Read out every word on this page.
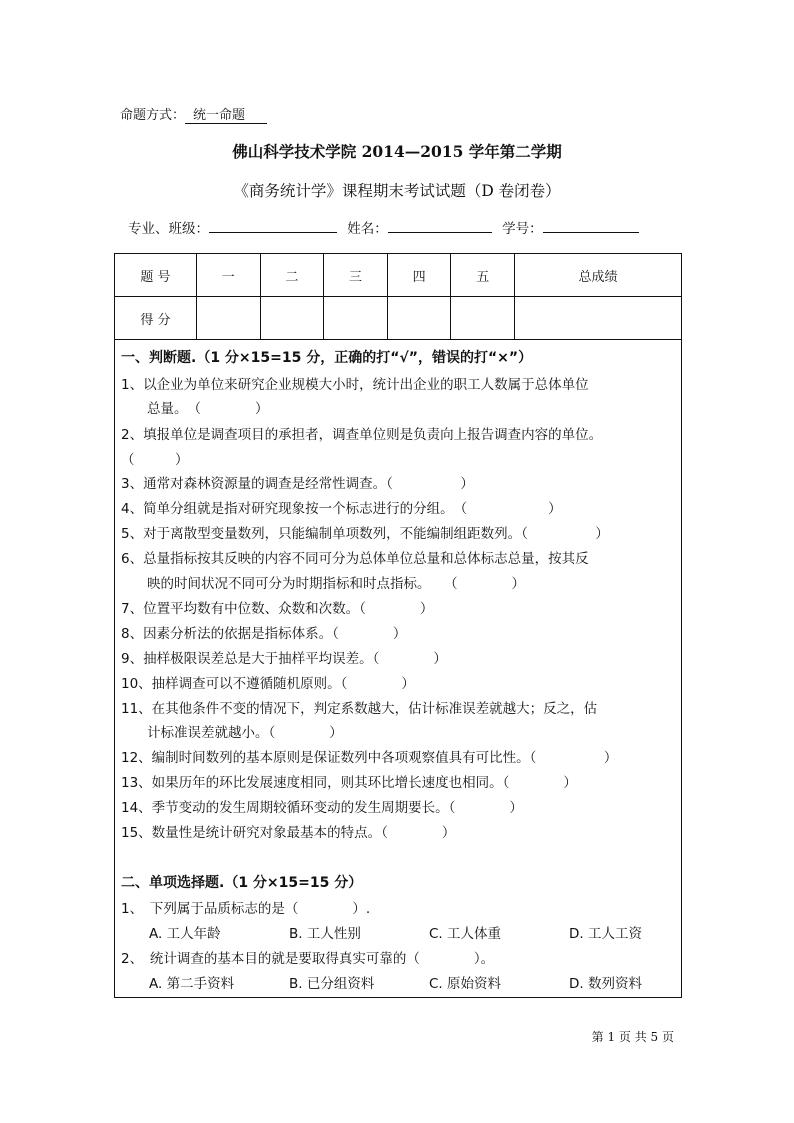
命题方式： 统一命题
佛山科学技术学院 2014—2015 学年第二学期
《商务统计学》课程期末考试试题（D 卷闭卷）
专业、班级：	姓名：	学号：
题 号	一	二	三	四	五	总成绩
得 分						
一、判断题.（1 分×15=15 分，正确的打“√”，错误的打“×”）
1、以企业为单位来研究企业规模大小时，统计出企业的职工人数属于总体单位
总量。　（　　　　）
2、填报单位是调查项目的承担者，调查单位则是负责向上报告调查内容的单位。
（　　　）
3、通常对森林资源量的调查是经常性调查。（　　　　　）
4、简单分组就是指对研究现象按一个标志进行的分组。　（　　　　　　）
5、对于离散型变量数列，只能编制单项数列，不能编制组距数列。（　　　　　）
6、总量指标按其反映的内容不同可分为总体单位总量和总体标志总量，按其反
映的时间状况不同可分为时期指标和时点指标。　　（　　　　）
7、位置平均数有中位数、众数和次数。（　　　　）
8、因素分析法的依据是指标体系。（　　　　）
9、抽样极限误差总是大于抽样平均误差。（　　　　）
10、抽样调查可以不遵循随机原则。（　　　　）
11、在其他条件不变的情况下，判定系数越大，估计标准误差就越大；反之，估
计标准误差就越小。（　　　　）
12、编制时间数列的基本原则是保证数列中各项观察值具有可比性。（　　　　　）
13、如果历年的环比发展速度相同，则其环比增长速度也相同。（　　　　）
14、季节变动的发生周期较循环变动的发生周期要长。（　　　　）
15、数量性是统计研究对象最基本的特点。（　　　　）
二、单项选择题.（1 分×15=15 分）
1、　下列属于品质标志的是（　　　　）.
A. 工人年龄	B. 工人性别	C. 工人体重	D. 工人工资
2、　统计调查的基本目的就是要取得真实可靠的（　　　　）。
A. 第二手资料	B. 已分组资料	C. 原始资料	D. 数列资料
第 1 页 共 5 页
